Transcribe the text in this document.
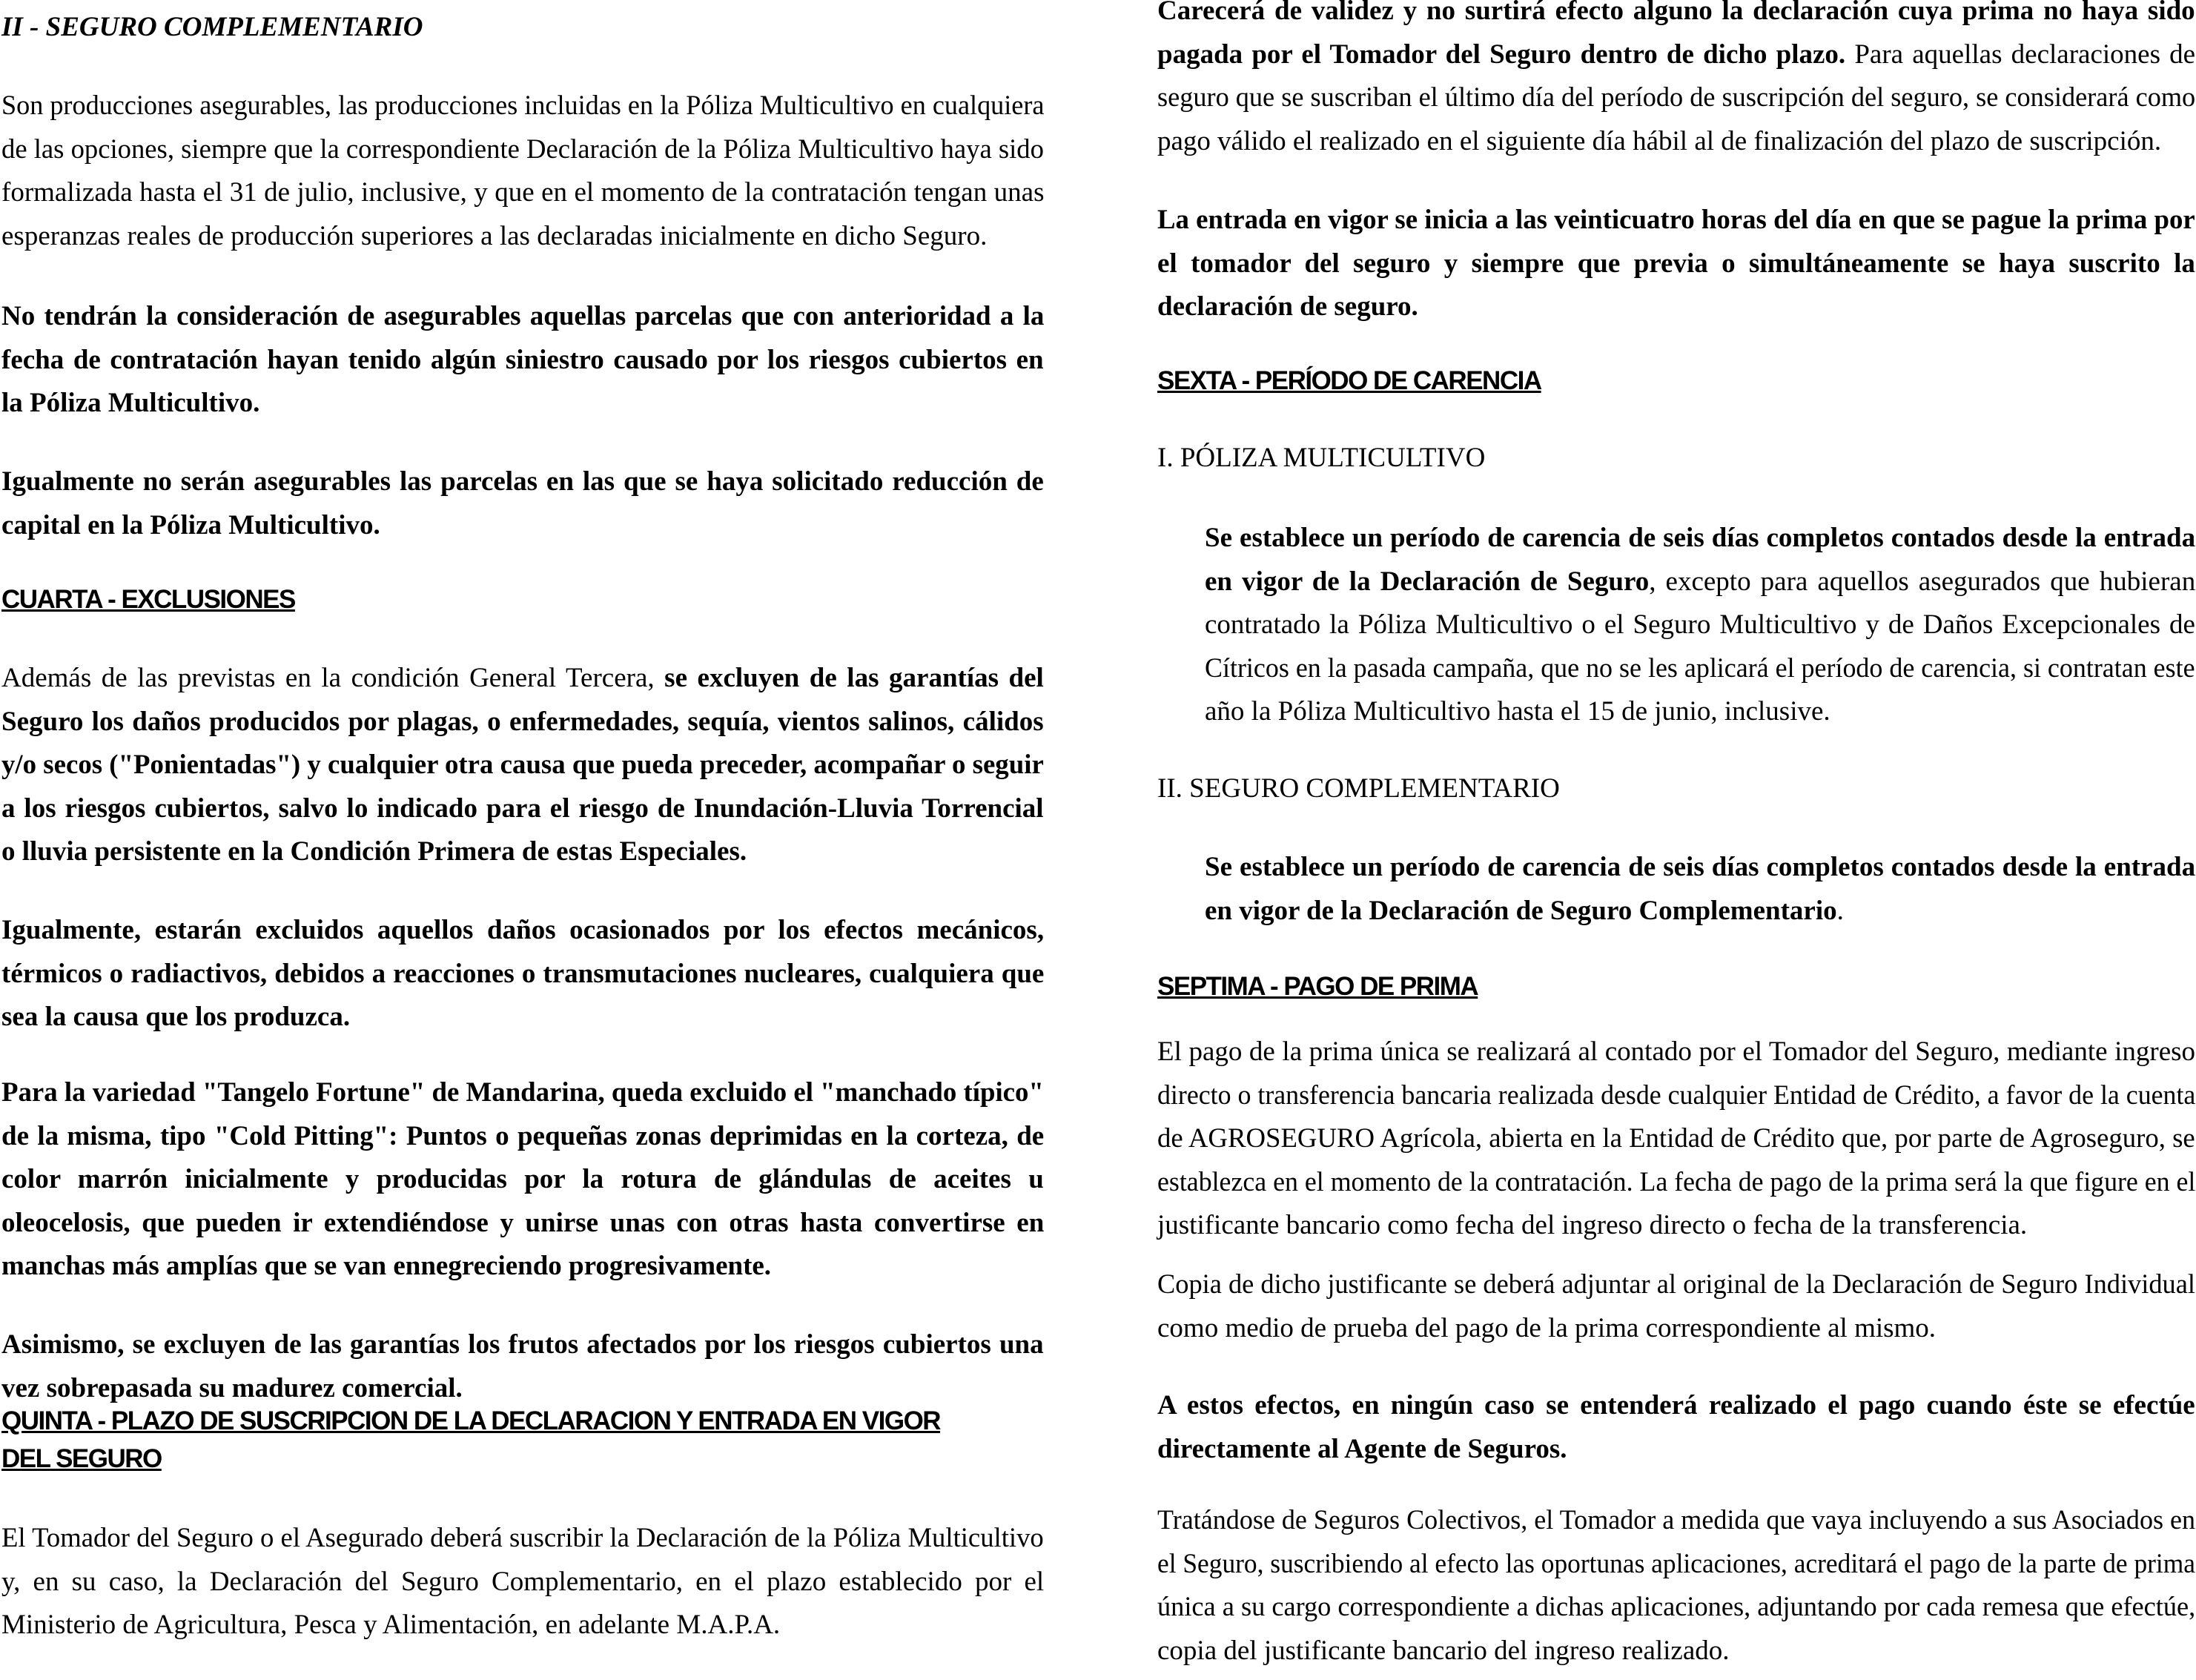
II - SEGURO COMPLEMENTARIO
Son producciones asegurables, las producciones incluidas en la Póliza Multicultivo en cualquiera
de las opciones, siempre que la correspondiente Declaración de la Póliza Multicultivo haya sido
formalizada hasta el 31 de julio, inclusive, y que en el momento de la contratación tengan unas
esperanzas reales de producción superiores a las declaradas inicialmente en dicho Seguro.
No tendrán la consideración de asegurables aquellas parcelas que con anterioridad a la
fecha de contratación hayan tenido algún siniestro causado por los riesgos cubiertos en
la Póliza Multicultivo.
Igualmente no serán asegurables las parcelas en las que se haya solicitado reducción de
capital en la Póliza Multicultivo.
CUARTA - EXCLUSIONES
Además de las previstas en la condición General Tercera, se excluyen de las garantías del
Seguro los daños producidos por plagas, o enfermedades, sequía, vientos salinos, cálidos
y/o secos ("Ponientadas") y cualquier otra causa que pueda preceder, acompañar o seguir
a los riesgos cubiertos, salvo lo indicado para el riesgo de Inundación-Lluvia Torrencial
o lluvia persistente en la Condición Primera de estas Especiales.
Igualmente, estarán excluidos aquellos daños ocasionados por los efectos mecánicos,
térmicos o radiactivos, debidos a reacciones o transmutaciones nucleares, cualquiera que
sea la causa que los produzca.
Para la variedad "Tangelo Fortune" de Mandarina, queda excluido el "manchado típico"
de la misma, tipo "Cold Pitting": Puntos o pequeñas zonas deprimidas en la corteza, de
color marrón inicialmente y producidas por la rotura de glándulas de aceites u
oleocelosis, que pueden ir extendiéndose y unirse unas con otras hasta convertirse en
manchas más amplías que se van ennegreciendo progresivamente.
Asimismo, se excluyen de las garantías los frutos afectados por los riesgos cubiertos una
vez sobrepasada su madurez comercial.
QUINTA - PLAZO DE SUSCRIPCION DE LA DECLARACION Y ENTRADA EN VIGOR
DEL SEGURO
El Tomador del Seguro o el Asegurado deberá suscribir la Declaración de la Póliza Multicultivo
y, en su caso, la Declaración del Seguro Complementario, en el plazo establecido por el
Ministerio de Agricultura, Pesca y Alimentación, en adelante M.A.P.A.
Carecerá de validez y no surtirá efecto alguno la declaración cuya prima no haya sido
pagada por el Tomador del Seguro dentro de dicho plazo. Para aquellas declaraciones de
seguro que se suscriban el último día del período de suscripción del seguro, se considerará como
pago válido el realizado en el siguiente día hábil al de finalización del plazo de suscripción.
La entrada en vigor se inicia a las veinticuatro horas del día en que se pague la prima por
el tomador del seguro y siempre que previa o simultáneamente se haya suscrito la
declaración de seguro.
SEXTA - PERÍODO DE CARENCIA
I. PÓLIZA MULTICULTIVO
Se establece un período de carencia de seis días completos contados desde la entrada
en vigor de la Declaración de Seguro, excepto para aquellos asegurados que hubieran
contratado la Póliza Multicultivo o el Seguro Multicultivo y de Daños Excepcionales de
Cítricos en la pasada campaña, que no se les aplicará el período de carencia, si contratan este
año la Póliza Multicultivo hasta el 15 de junio, inclusive.
II. SEGURO COMPLEMENTARIO
Se establece un período de carencia de seis días completos contados desde la entrada
en vigor de la Declaración de Seguro Complementario.
SEPTIMA - PAGO DE PRIMA
El pago de la prima única se realizará al contado por el Tomador del Seguro, mediante ingreso
directo o transferencia bancaria realizada desde cualquier Entidad de Crédito, a favor de la cuenta
de AGROSEGURO Agrícola, abierta en la Entidad de Crédito que, por parte de Agroseguro, se
establezca en el momento de la contratación. La fecha de pago de la prima será la que figure en el
justificante bancario como fecha del ingreso directo o fecha de la transferencia.
Copia de dicho justificante se deberá adjuntar al original de la Declaración de Seguro Individual
como medio de prueba del pago de la prima correspondiente al mismo.
A estos efectos, en ningún caso se entenderá realizado el pago cuando éste se efectúe
directamente al Agente de Seguros.
Tratándose de Seguros Colectivos, el Tomador a medida que vaya incluyendo a sus Asociados en
el Seguro, suscribiendo al efecto las oportunas aplicaciones, acreditará el pago de la parte de prima
única a su cargo correspondiente a dichas aplicaciones, adjuntando por cada remesa que efectúe,
copia del justificante bancario del ingreso realizado.
